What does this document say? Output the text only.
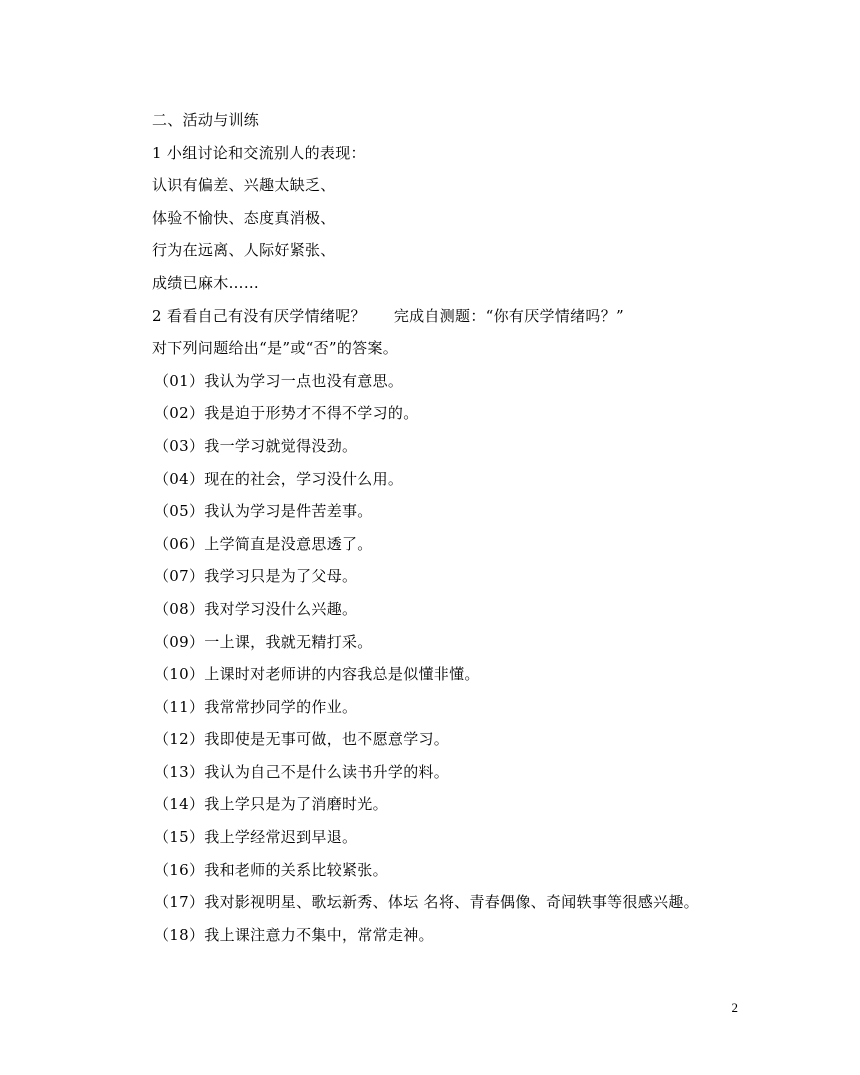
二、活动与训练
1 小组讨论和交流别人的表现：
认识有偏差、兴趣太缺乏、
体验不愉快、态度真消极、
行为在远离、人际好紧张、
成绩已麻木……
2 看看自己有没有厌学情绪呢？ 完成自测题：“你有厌学情绪吗？”
对下列问题给出“是”或“否”的答案。
（01）我认为学习一点也没有意思。
（02）我是迫于形势才不得不学习的。
（03）我一学习就觉得没劲。
（04）现在的社会，学习没什么用。
（05）我认为学习是件苦差事。
（06）上学简直是没意思透了。
（07）我学习只是为了父母。
（08）我对学习没什么兴趣。
（09）一上课，我就无精打采。
（10）上课时对老师讲的内容我总是似懂非懂。
（11）我常常抄同学的作业。
（12）我即使是无事可做，也不愿意学习。
（13）我认为自己不是什么读书升学的料。
（14）我上学只是为了消磨时光。
（15）我上学经常迟到早退。
（16）我和老师的关系比较紧张。
（17）我对影视明星、歌坛新秀、体坛 名将、青春偶像、奇闻轶事等很感兴趣。
（18）我上课注意力不集中，常常走神。
2
